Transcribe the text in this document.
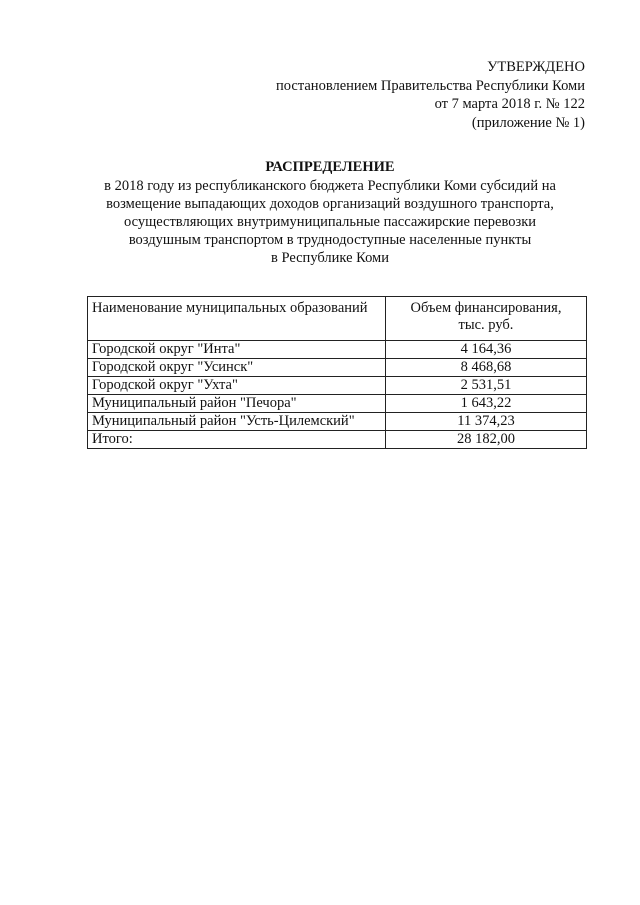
УТВЕРЖДЕНО
постановлением Правительства Республики Коми
от 7 марта 2018 г. № 122
(приложение № 1)
РАСПРЕДЕЛЕНИЕ
в 2018 году из республиканского бюджета Республики Коми субсидий на
возмещение выпадающих доходов организаций воздушного транспорта,
осуществляющих внутримуниципальные пассажирские перевозки
воздушным транспортом в труднодоступные населенные пункты
в Республике Коми
Наименование муниципальных образований	Объем финансирования,
тыс. руб.

Городской округ "Инта"	4 164,36
Городской округ "Усинск"	8 468,68
Городской округ "Ухта"	2 531,51
Муниципальный район "Печора"	1 643,22
Муниципальный район "Усть-Цилемский"	11 374,23
Итого:	28 182,00
